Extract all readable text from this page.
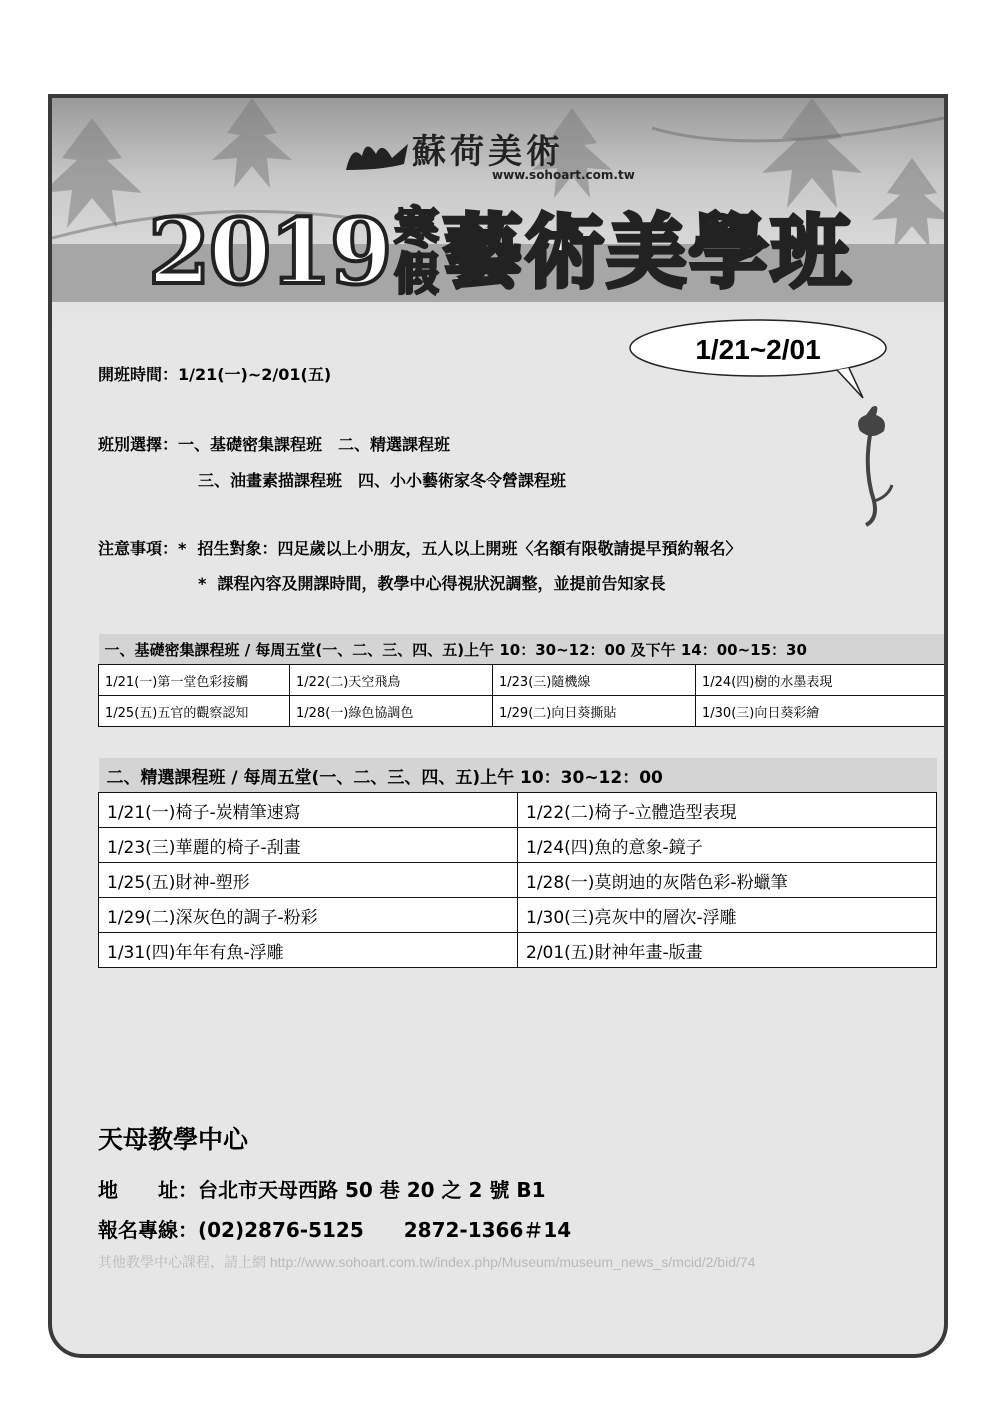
蘇荷美術
www.sohoart.com.tw
2019 寒
假 藝術美學班
1/21~2/01
開班時間：1/21(一)~2/01(五)
班別選擇：一、基礎密集課程班　二、精選課程班
三、油畫素描課程班　四、小小藝術家冬令營課程班
注意事項：*  招生對象：四足歲以上小朋友，五人以上開班〈名額有限敬請提早預約報名〉
*  課程內容及開課時間，教學中心得視狀況調整，並提前告知家長
一、基礎密集課程班 / 每周五堂(一、二、三、四、五)上午 10：30~12：00 及下午 14：00~15：30			
1/21(一)第一堂色彩接觸	1/22(二)天空飛鳥	1/23(三)隨機線	1/24(四)樹的水墨表現
1/25(五)五官的觀察認知	1/28(一)綠色協調色	1/29(二)向日葵撕貼	1/30(三)向日葵彩繪
二、精選課程班 / 每周五堂(一、二、三、四、五)上午 10：30~12：00	
1/21(一)椅子-炭精筆速寫	1/22(二)椅子-立體造型表現
1/23(三)華麗的椅子-刮畫	1/24(四)魚的意象-鏡子
1/25(五)財神-塑形	1/28(一)莫朗迪的灰階色彩-粉蠟筆
1/29(二)深灰色的調子-粉彩	1/30(三)亮灰中的層次-浮雕
1/31(四)年年有魚-浮雕	2/01(五)財神年畫-版畫
天母教學中心
地　　址：台北市天母西路 50 巷 20 之 2 號 B1
報名專線：(02)2876-5125　　2872-1366＃14
其他教學中心課程，請上網 http://www.sohoart.com.tw/index.php/Museum/museum_news_s/mcid/2/bid/74
